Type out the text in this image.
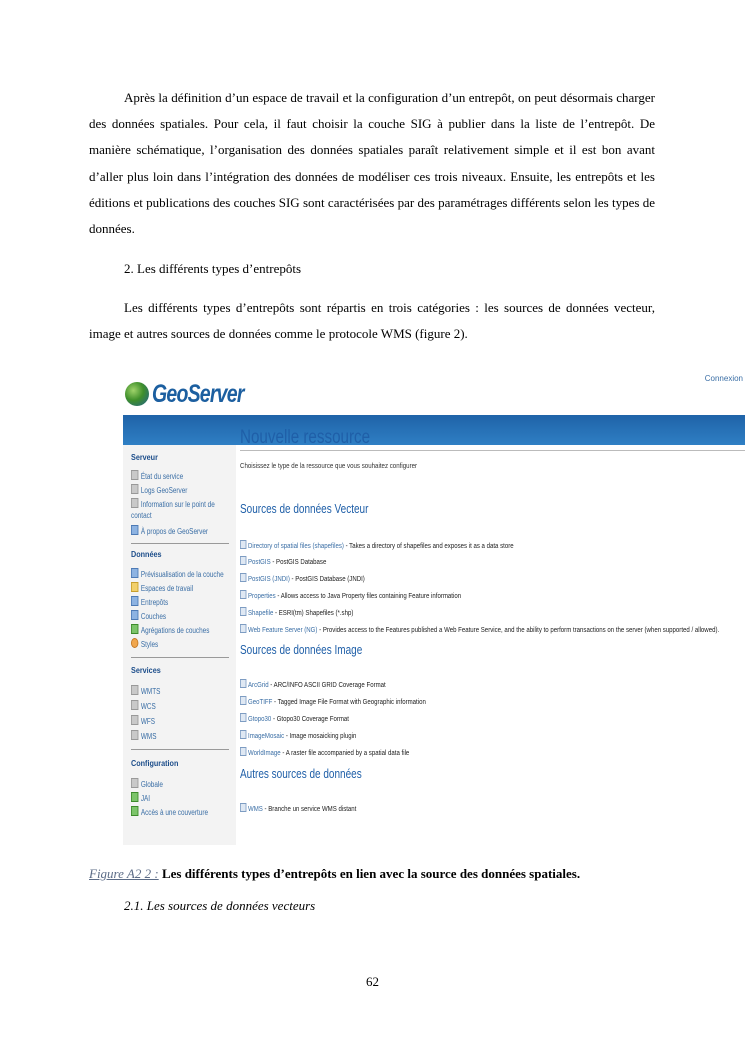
Après la définition d’un espace de travail et la configuration d’un entrepôt, on peut désormais charger des données spatiales. Pour cela, il faut choisir la couche SIG à publier dans la liste de l’entrepôt. De manière schématique, l’organisation des données spatiales paraît relativement simple et il est bon avant d’aller plus loin dans l’intégration des données de modéliser ces trois niveaux. Ensuite, les entrepôts et les éditions et publications des couches SIG sont caractérisées par des paramétrages différents selon les types de données.

2. Les différents types d’entrepôts

Les différents types d’entrepôts sont répartis en trois catégories : les sources de données vecteur, image et autres sources de données comme le protocole WMS (figure 2).

GeoServer
Connexion
Serveur
État du service
Logs GeoServer
Information sur le point de
contact
À propos de GeoServer
Données
Prévisualisation de la couche
Espaces de travail
Entrepôts
Couches
Agrégations de couches
Styles
Services
WMTS
WCS
WFS
WMS
Configuration
Globale
JAI
Accès à une couverture
Nouvelle ressource
Choisissez le type de la ressource que vous souhaitez configurer
Sources de données Vecteur
Directory of spatial files (shapefiles) - Takes a directory of shapefiles and exposes it as a data store
PostGIS - PostGIS Database
PostGIS (JNDI) - PostGIS Database (JNDI)
Properties - Allows access to Java Property files containing Feature information
Shapefile - ESRI(tm) Shapefiles (*.shp)
Web Feature Server (NG) - Provides access to the Features published a Web Feature Service, and the ability to perform transactions on the server (when supported / allowed).
Sources de données Image
ArcGrid - ARC/INFO ASCII GRID Coverage Format
GeoTIFF - Tagged Image File Format with Geographic information
Gtopo30 - Gtopo30 Coverage Format
ImageMosaic - Image mosaicking plugin
WorldImage - A raster file accompanied by a spatial data file
Autres sources de données
WMS - Branche un service WMS distant
Figure A2 2 : Les différents types d’entrepôts en lien avec la source des données spatiales.
2.1. Les sources de données vecteurs
62
